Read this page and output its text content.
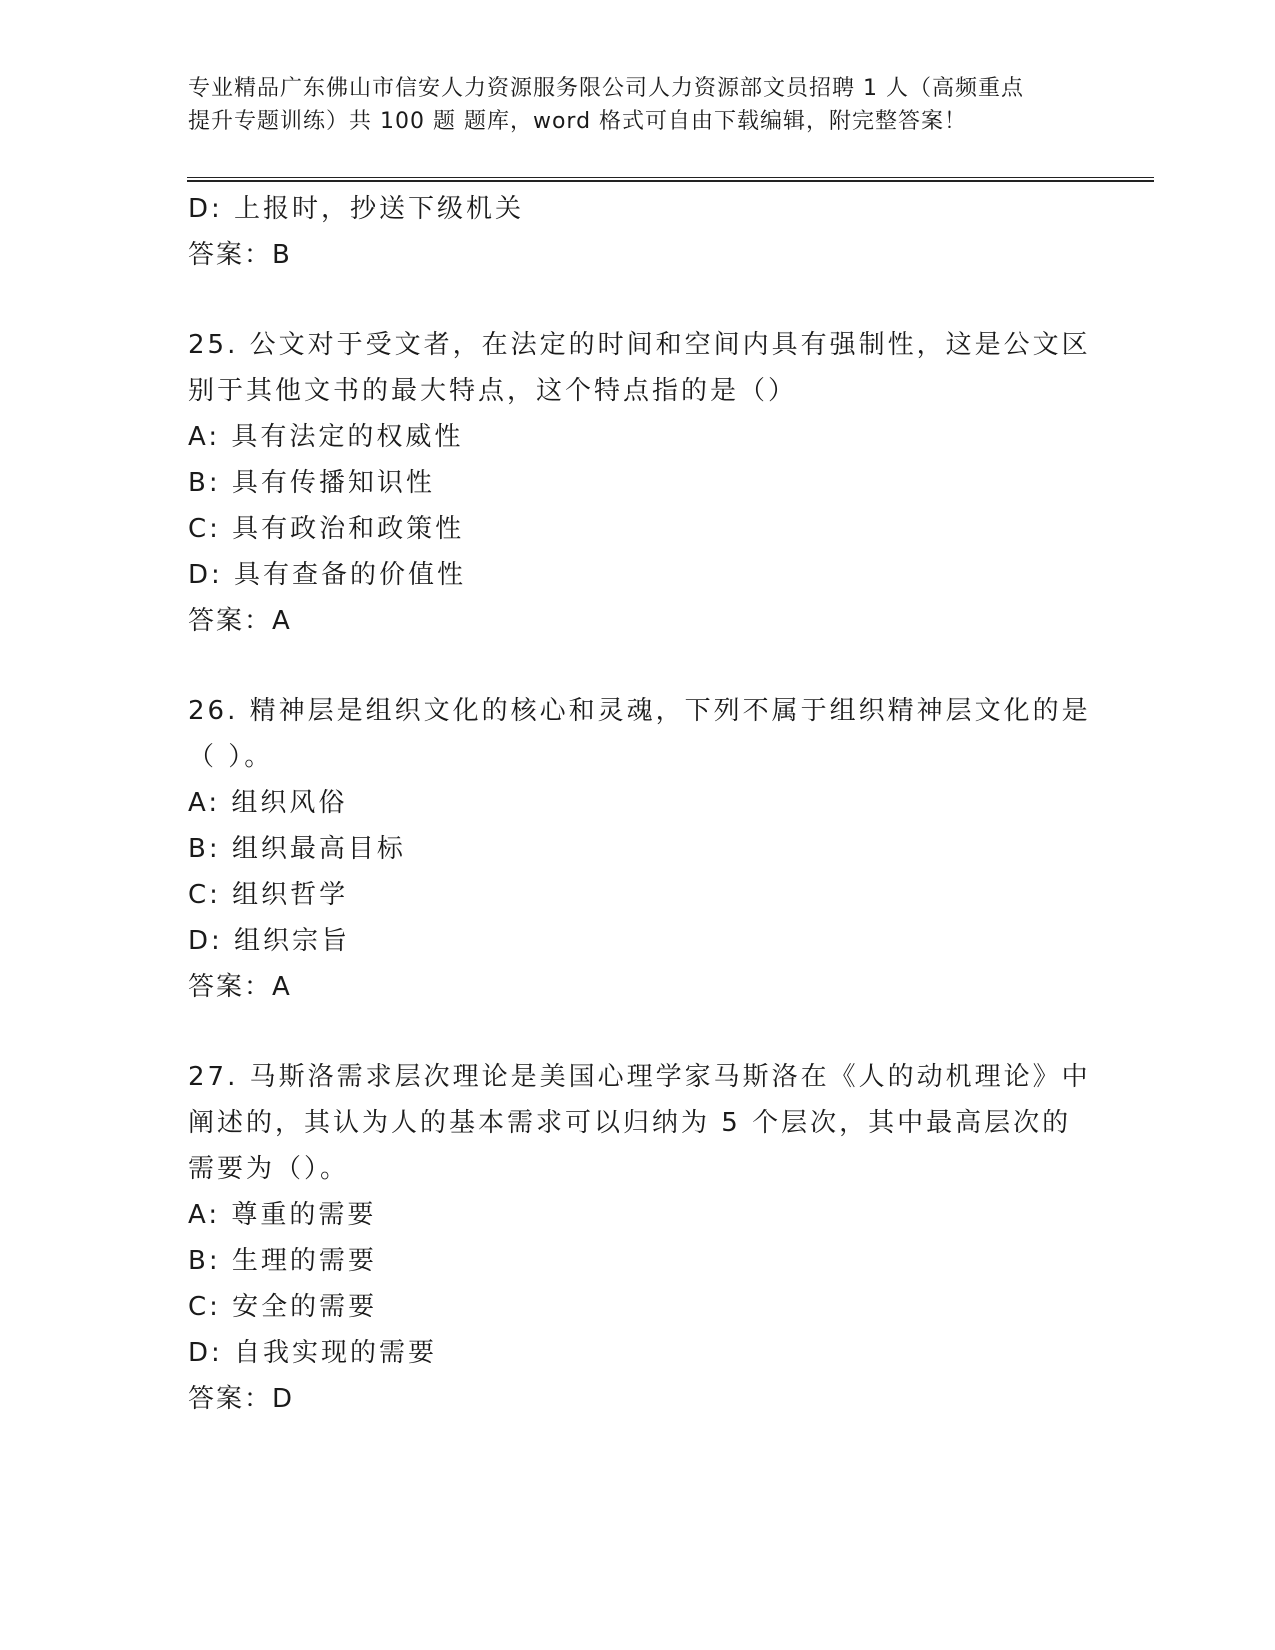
专业精品广东佛山市信安人力资源服务限公司人力资源部文员招聘 1 人（高频重点
提升专题训练）共 100 题 题库，word 格式可自由下载编辑，附完整答案！
D: 上报时，抄送下级机关
答案：B
25. 公文对于受文者，在法定的时间和空间内具有强制性，这是公文区
别于其他文书的最大特点，这个特点指的是（）
A: 具有法定的权威性
B: 具有传播知识性
C: 具有政治和政策性
D: 具有查备的价值性
答案：A
26. 精神层是组织文化的核心和灵魂，下列不属于组织精神层文化的是
（ ）。
A: 组织风俗
B: 组织最高目标
C: 组织哲学
D: 组织宗旨
答案：A
27. 马斯洛需求层次理论是美国心理学家马斯洛在《人的动机理论》中
阐述的，其认为人的基本需求可以归纳为 5 个层次，其中最高层次的
需要为（）。
A: 尊重的需要
B: 生理的需要
C: 安全的需要
D: 自我实现的需要
答案：D
